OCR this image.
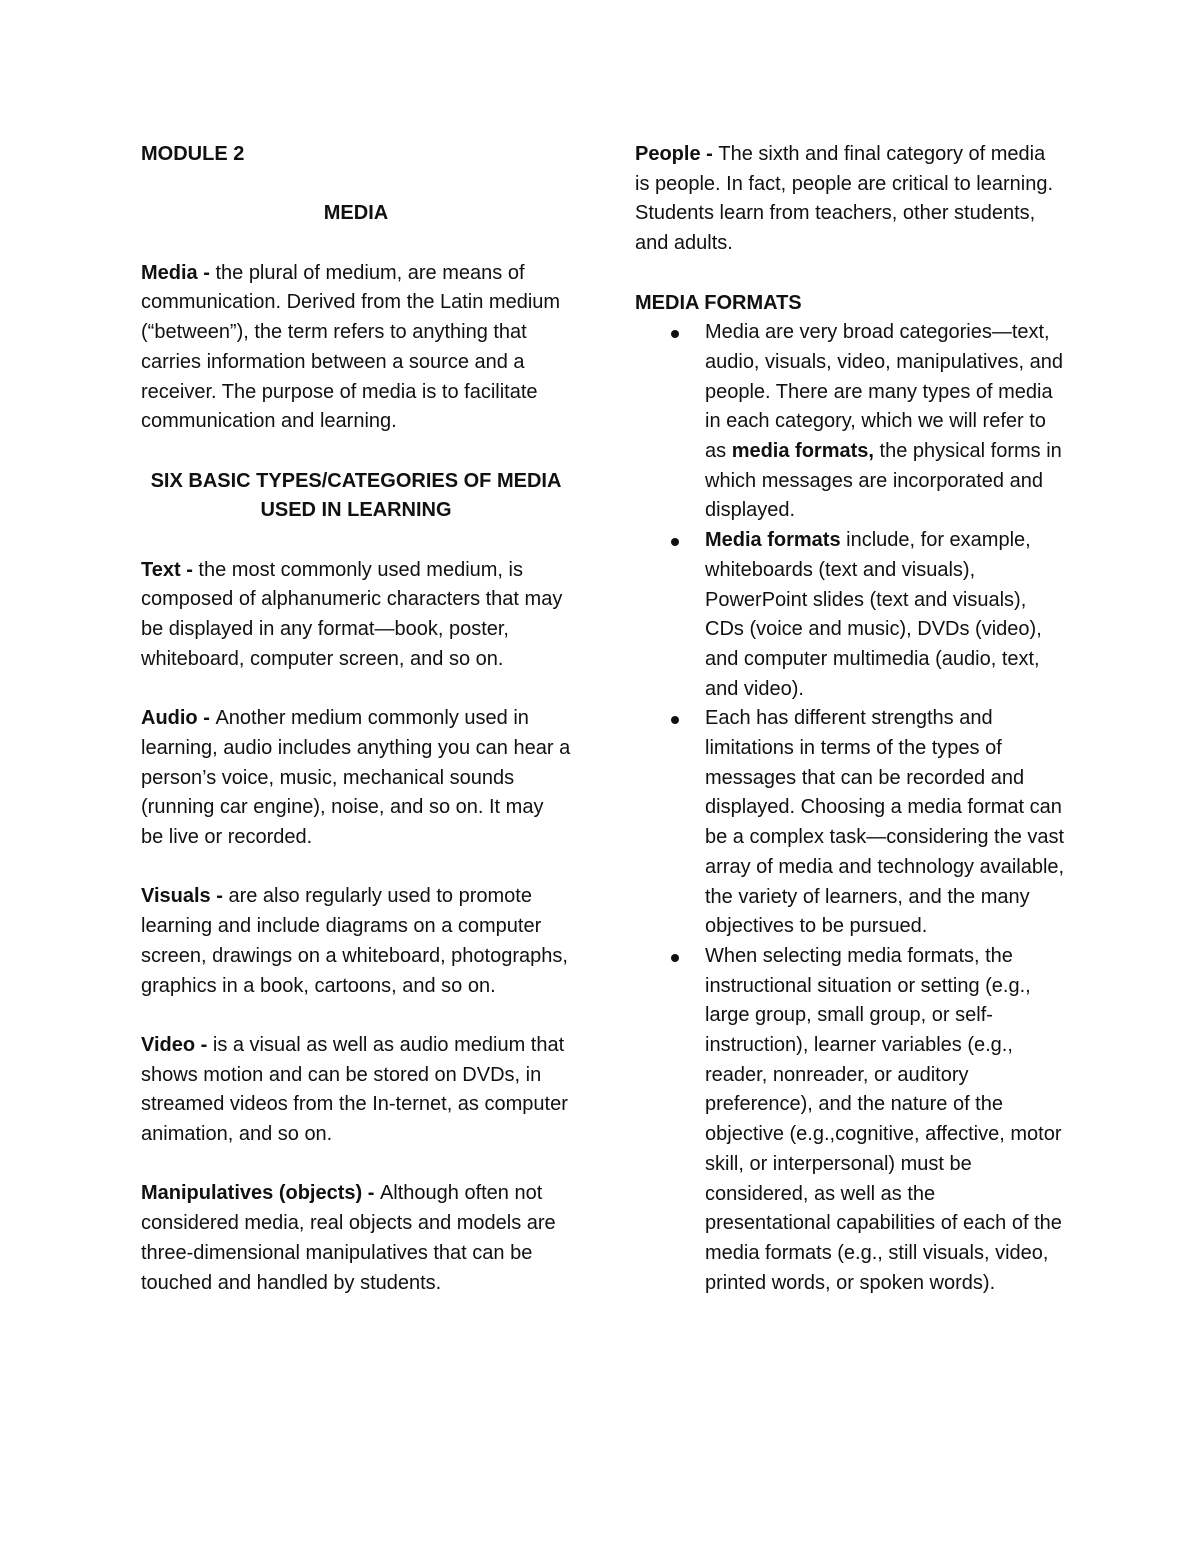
MODULE 2

MEDIA

Media - the plural of medium, are means of communication. Derived from the Latin medium (“between”), the term refers to anything that carries information between a source and a receiver. The purpose of media is to facilitate communication and learning.

SIX BASIC TYPES/CATEGORIES OF MEDIA
USED IN LEARNING

Text - the most commonly used medium, is composed of alphanumeric characters that may be displayed in any format—book, poster, whiteboard, computer screen, and so on.

Audio - Another medium commonly used in learning, audio includes anything you can hear a person’s voice, music, mechanical sounds (running car engine), noise, and so on. It may be live or recorded.

Visuals - are also regularly used to promote learning and include diagrams on a computer screen, drawings on a whiteboard, photographs, graphics in a book, cartoons, and so on.

Video - is a visual as well as audio medium that shows motion and can be stored on DVDs, in streamed videos from the In-ternet, as computer animation, and so on.

Manipulatives (objects) - Although often not considered media, real objects and models are three-dimensional manipulatives that can be touched and handled by students.

People - The sixth and final category of media is people. In fact, people are critical to learning. Students learn from teachers, other students, and adults.

MEDIA FORMATS

Media are very broad categories—text, audio, visuals, video, manipulatives, and people. There are many types of media in each category, which we will refer to as media formats, the physical forms in which messages are incorporated and displayed.
Media formats include, for example, whiteboards (text and visuals), PowerPoint slides (text and visuals), CDs (voice and music), DVDs (video), and computer multimedia (audio, text, and video).
Each has different strengths and limitations in terms of the types of messages that can be recorded and displayed. Choosing a media format can be a complex task—considering the vast array of media and technology available, the variety of learners, and the many objectives to be pursued.
When selecting media formats, the instructional situation or setting (e.g., large group, small group, or self-instruction), learner variables (e.g., reader, nonreader, or auditory preference), and the nature of the objective (e.g.,cognitive, affective, motor skill, or interpersonal) must be considered, as well as the presentational capabilities of each of the media formats (e.g., still visuals, video, printed words, or spoken words).
